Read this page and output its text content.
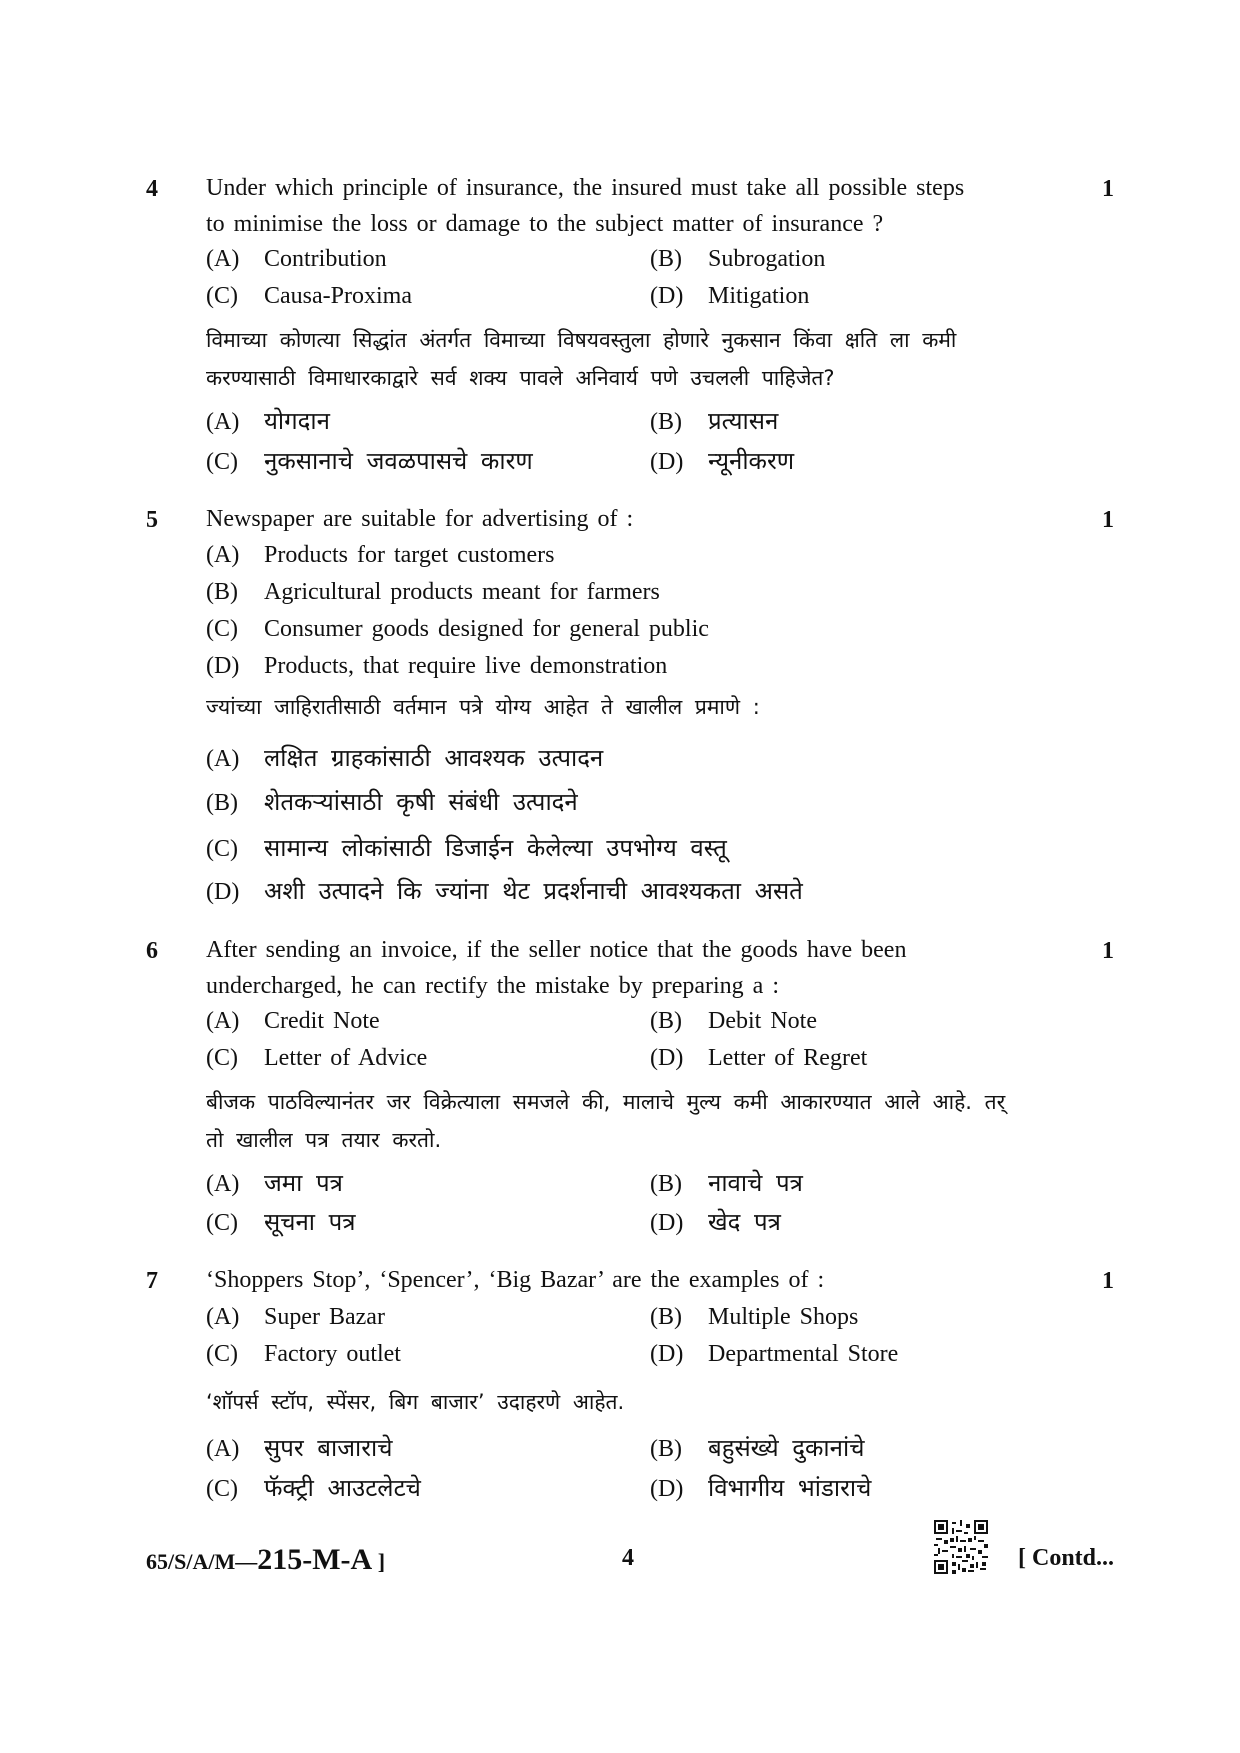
4	1
Under which principle of insurance, the insured must take all possible steps
to minimise the loss or damage to the subject matter of insurance ?
(A) Contribution	(B) Subrogation
(C) Causa-Proxima	(D) Mitigation
विमाच्या कोणत्या सिद्धांत अंतर्गत विमाच्या विषयवस्तुला होणारे नुकसान किंवा क्षति ला कमी
करण्यासाठी विमाधारकाद्वारे सर्व शक्य पावले अनिवार्य पणे उचलली पाहिजेत?
(A) योगदान	(B) प्रत्यासन
(C) नुकसानाचे जवळपासचे कारण	(D) न्यूनीकरण
5	1
Newspaper are suitable for advertising of :
(A) Products for target customers
(B) Agricultural products meant for farmers
(C) Consumer goods designed for general public
(D) Products, that require live demonstration
ज्यांच्या जाहिरातीसाठी वर्तमान पत्रे योग्य आहेत ते खालील प्रमाणे :
(A) लक्षित ग्राहकांसाठी आवश्यक उत्पादन
(B) शेतकऱ्यांसाठी कृषी संबंधी उत्पादने
(C) सामान्य लोकांसाठी डिजाईन केलेल्या उपभोग्य वस्तू
(D) अशी उत्पादने कि ज्यांना थेट प्रदर्शनाची आवश्यकता असते
6	1
After sending an invoice, if the seller notice that the goods have been
undercharged, he can rectify the mistake by preparing a :
(A) Credit Note	(B) Debit Note
(C) Letter of Advice	(D) Letter of Regret
बीजक पाठविल्यानंतर जर विक्रेत्याला समजले की, मालाचे मुल्य कमी आकारण्यात आले आहे. तर्
तो खालील पत्र तयार करतो.
(A) जमा पत्र	(B) नावाचे पत्र
(C) सूचना पत्र	(D) खेद पत्र
7	1
‘Shoppers Stop’, ‘Spencer’, ‘Big Bazar’ are the examples of :
(A) Super Bazar	(B) Multiple Shops
(C) Factory outlet	(D) Departmental Store
‘शॉपर्स स्टॉप, स्पेंसर, बिग बाजार’ उदाहरणे आहेत.
(A) सुपर बाजाराचे	(B) बहुसंख्ये दुकानांचे
(C) फॅक्ट्री आउटलेटचे	(D) विभागीय भांडाराचे
65/S/A/M—215-M-A ]	4	[ Contd...
